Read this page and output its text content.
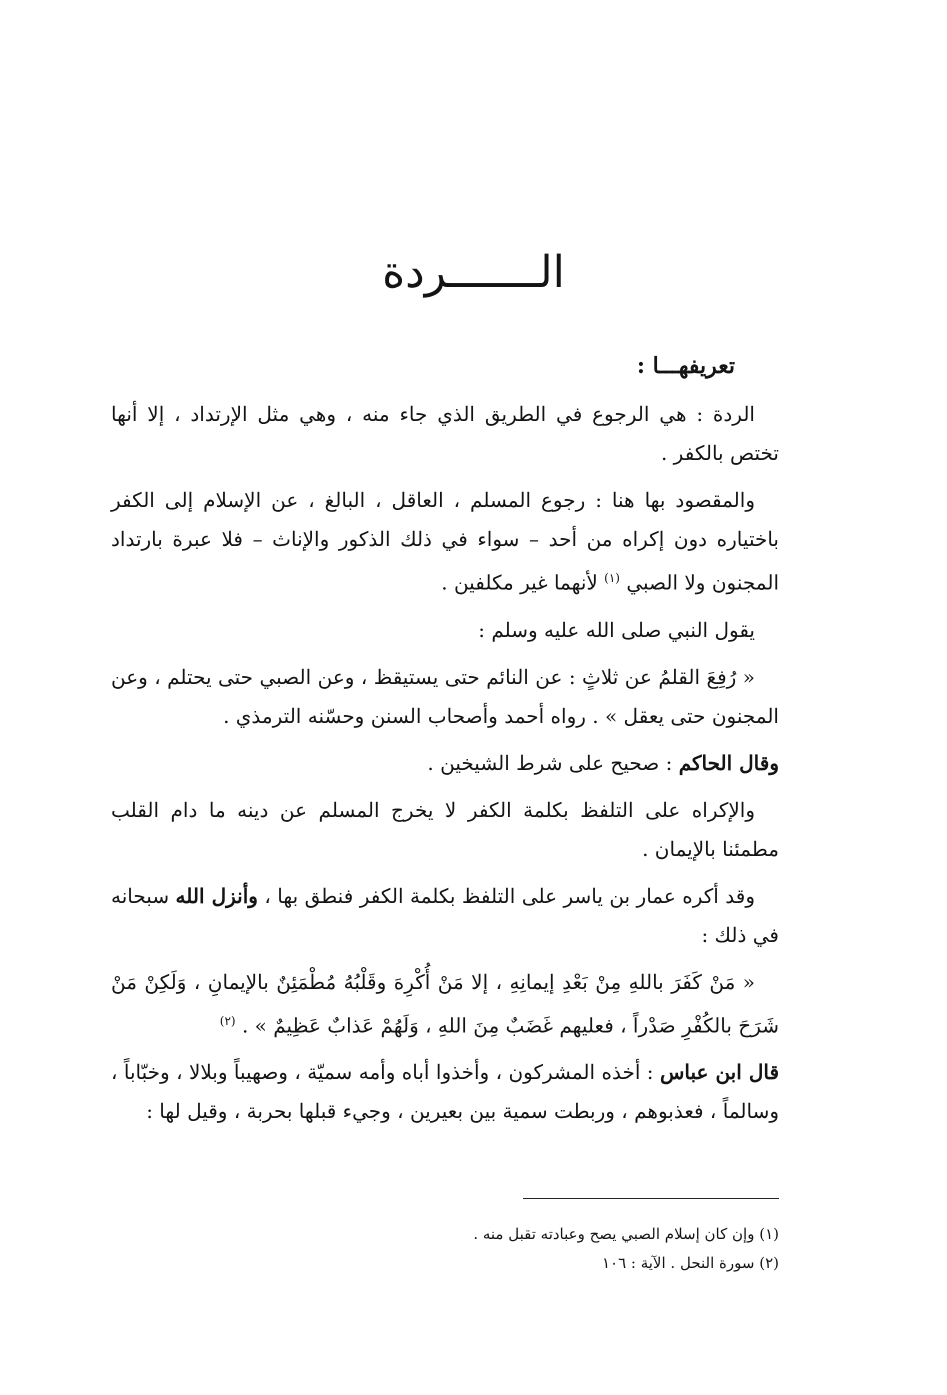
الـــــــردة
تعريفهـــا :

الردة : هي الرجوع في الطريق الذي جاء منه ، وهي مثل الإرتداد ، إلا أنها تختص بالكفر .

والمقصود بها هنا : رجوع المسلم ، العاقل ، البالغ ، عن الإسلام إلى الكفر باختياره دون إكراه من أحد – سواء في ذلك الذكور والإناث – فلا عبرة بارتداد المجنون ولا الصبي $^{(١)}$ لأنهما غير مكلفين .

يقول النبي صلى الله عليه وسلم :

« رُفِعَ القلمُ عن ثلاثٍ : عن النائم حتى يستيقظ ، وعن الصبي حتى يحتلم ، وعن المجنون حتى يعقل » . رواه أحمد وأصحاب السنن وحسّنه الترمذي .

وقال الحاكم : صحيح على شرط الشيخين .

والإكراه على التلفظ بكلمة الكفر لا يخرج المسلم عن دينه ما دام القلب مطمئنا بالإيمان .

وقد أكره عمار بن ياسر على التلفظ بكلمة الكفر فنطق بها ، وأنزل الله سبحانه في ذلك :

« مَنْ كَفَرَ باللهِ مِنْ بَعْدِ إيمانِهِ ، إلا مَنْ أُكْرِهَ وقَلْبُهُ مُطْمَئِنٌ بالإيمانِ ، وَلَكِنْ مَنْ شَرَحَ بالكُفْرِ صَدْراً ، فعليهم غَضَبٌ مِنَ اللهِ ، وَلَهُمْ عَذابٌ عَظِيمٌ » . $^{(٢)}$

قال ابن عباس : أخذه المشركون ، وأخذوا أباه وأمه سميّة ، وصهيباً وبلالا ، وخبّاباً ، وسالماً ، فعذبوهم ، وربطت سمية بين بعيرين ، وجيء قبلها بحربة ، وقيل لها :

(١) وإن كان إسلام الصبي يصح وعبادته تقبل منه .

(٢) سورة النحل . الآية : ١٠٦
